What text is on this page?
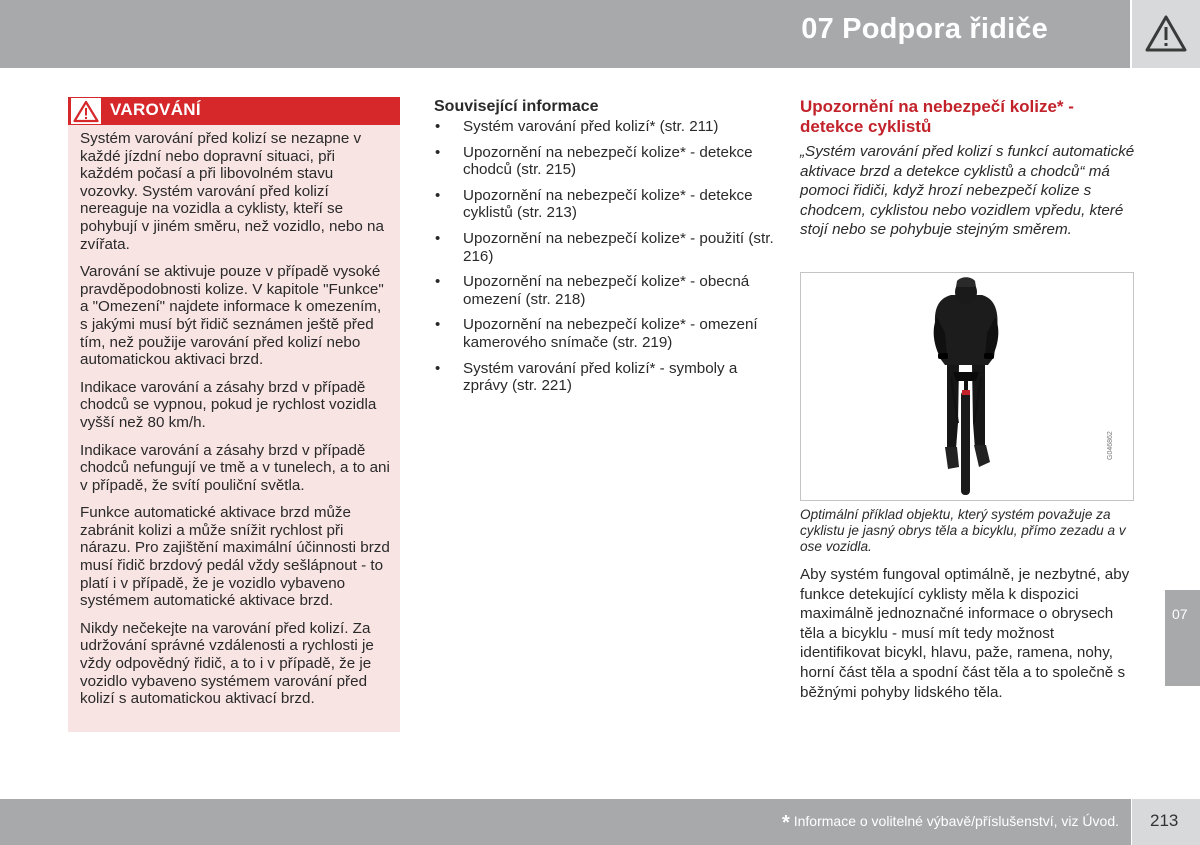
07 Podpora řidiče
VAROVÁNÍ

Systém varování před kolizí se nezapne v každé jízdní nebo dopravní situaci, při každém počasí a při libovolném stavu vozovky. Systém varování před kolizí nereaguje na vozidla a cyklisty, kteří se pohybují v jiném směru, než vozidlo, nebo na zvířata.

Varování se aktivuje pouze v případě vysoké pravděpodobnosti kolize. V kapitole "Funkce" a "Omezení" najdete informace k omezením, s jakými musí být řidič seznámen ještě před tím, než použije varování před kolizí nebo automatickou aktivaci brzd.

Indikace varování a zásahy brzd v případě chodců se vypnou, pokud je rychlost vozidla vyšší než 80 km/h.

Indikace varování a zásahy brzd v případě chodců nefungují ve tmě a v tunelech, a to ani v případě, že svítí pouliční světla.

Funkce automatické aktivace brzd může zabránit kolizi a může snížit rychlost při nárazu. Pro zajištění maximální účinnosti brzd musí řidič brzdový pedál vždy sešlápnout - to platí i v případě, že je vozidlo vybaveno systémem automatické aktivace brzd.

Nikdy nečekejte na varování před kolizí. Za udržování správné vzdálenosti a rychlosti je vždy odpovědný řidič, a to i v případě, že je vozidlo vybaveno systémem varování před kolizí s automatickou aktivací brzd.

Související informace
• Systém varování před kolizí* (str. 211)
• Upozornění na nebezpečí kolize* - detekce chodců (str. 215)
• Upozornění na nebezpečí kolize* - detekce cyklistů (str. 213)
• Upozornění na nebezpečí kolize* - použití (str. 216)
• Upozornění na nebezpečí kolize* - obecná omezení (str. 218)
• Upozornění na nebezpečí kolize* - omezení kamerového snímače (str. 219)
• Systém varování před kolizí* - symboly a zprávy (str. 221)
Upozornění na nebezpečí kolize* - detekce cyklistů
„Systém varování před kolizí s funkcí automatické aktivace brzd a detekce cyklistů a chodců“ má pomoci řidiči, když hrozí nebezpečí kolize s chodcem, cyklistou nebo vozidlem vpředu, které stojí nebo se pohybuje stejným směrem.
G046862
Optimální příklad objektu, který systém považuje za cyklistu je jasný obrys těla a bicyklu, přímo zezadu a v ose vozidla.
Aby systém fungoval optimálně, je nezbytné, aby funkce detekující cyklisty měla k dispozici maximálně jednoznačné informace o obrysech těla a bicyklu - musí mít tedy možnost identifikovat bicykl, hlavu, paže, ramena, nohy, horní část těla a spodní část těla a to společně s běžnými pohyby lidského těla.
07
* Informace o volitelné výbavě/příslušenství, viz Úvod. 213
